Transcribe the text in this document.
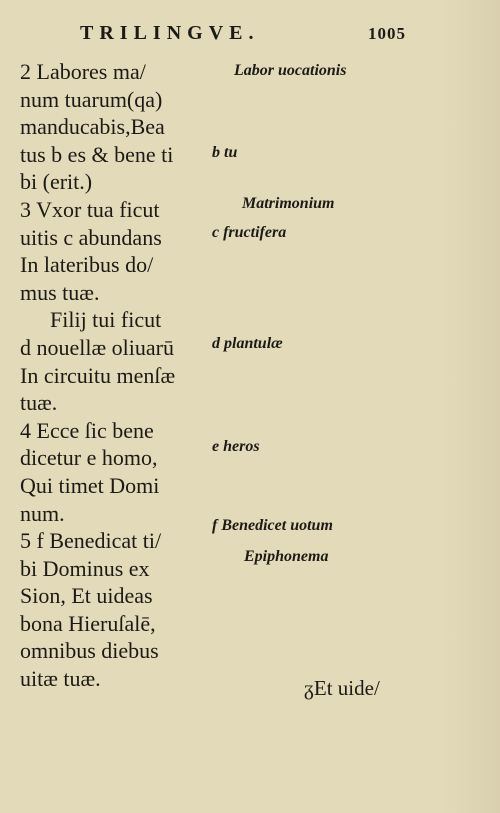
TRILINGVE.	1005
2 Labores ma/
num tuarum(qa)
manducabis,Bea
tus b es & bene ti
bi (erit.)
3 Vxor tua ficut
uitis c abundans
In lateribus do/
mus tuæ.
Filij tui ficut
d nouellæ oliuarū
In circuitu menſæ
tuæ.
4 Ecce ſic bene
dicetur e homo,
Qui timet Domi
num.
5 f Benedicat ti/
bi Dominus ex
Sion, Et uideas
bona Hieruſalē,
omnibus diebus
uitæ tuæ.
Labor uocationis
b tu
Matrimonium
c fructifera
d plantulæ
e heros
f Benedicet uotum
Epiphonema
ᵹEt uide/
